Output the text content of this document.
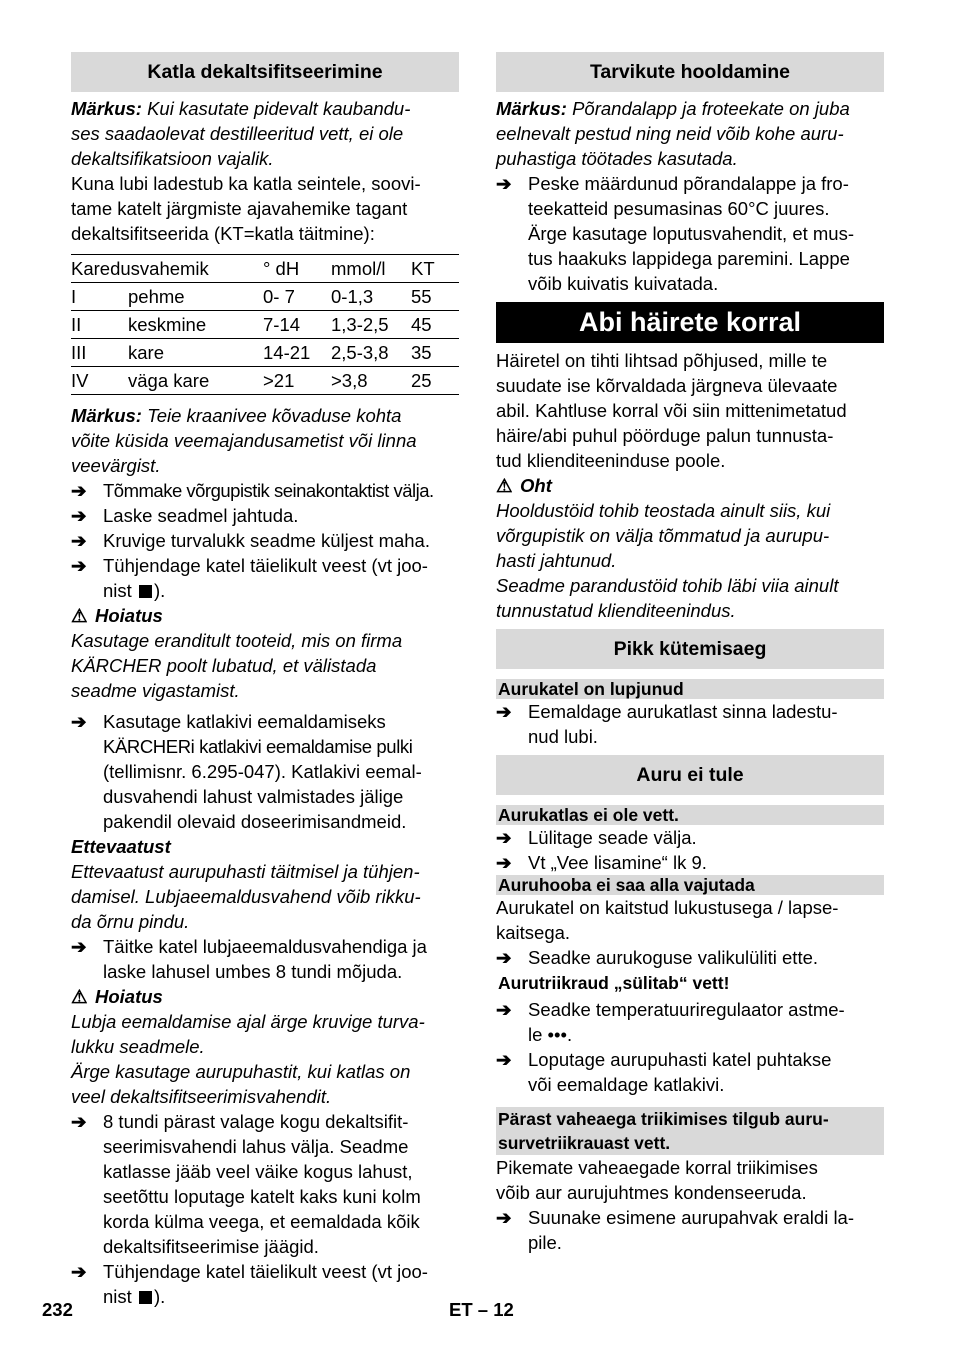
Katla dekaltsifitseerimine

Märkus: Kui kasutate pidevalt kaubandu-

ses saadaolevat destilleeritud vett, ei ole

dekaltsifikatsioon vajalik.

Kuna lubi ladestub ka katla seintele, soovi-

tame katelt järgmiste ajavahemike tagant

dekaltsifitseerida (KT=katla täitmine):

Karedusvahemik		° dH	mmol/l	KT
I	pehme	0- 7	0-1,3	55
II	keskmine	7-14	1,3-2,5	45
III	kare	14-21	2,5-3,8	35
IV	väga kare	>21	>3,8	25

Märkus: Teie kraanivee kõvaduse kohta

võite küsida veemajandusametist või linna

veevärgist.

➔ Tõmmake võrgupistik seinakontaktist välja.
➔ Laske seadmel jahtuda.
➔ Kruvige turvalukk seadme küljest maha.
➔ Tühjendage katel täielikult veest (vt joo-
nist ).
⚠ Hoiatus

Kasutage eranditult tooteid, mis on firma

KÄRCHER poolt lubatud, et välistada

seadme vigastamist.

➔ Kasutage katlakivi eemaldamiseks
KÄRCHERi katlakivi eemaldamise pulki
(tellimisnr. 6.295-047). Katlakivi eemal-
dusvahendi lahust valmistades jälige
pakendil olevaid doseerimisandmeid.
Ettevaatust

Ettevaatust aurupuhasti täitmisel ja tühjen-

damisel. Lubjaeemaldusvahend võib rikku-

da õrnu pindu.

➔ Täitke katel lubjaeemaldusvahendiga ja
laske lahusel umbes 8 tundi mõjuda.
⚠ Hoiatus

Lubja eemaldamise ajal ärge kruvige turva-

lukku seadmele.

Ärge kasutage aurupuhastit, kui katlas on

veel dekaltsifitseerimisvahendit.

➔ 8 tundi pärast valage kogu dekaltsifit-
seerimisvahendi lahus välja. Seadme
katlasse jääb veel väike kogus lahust,
seetõttu loputage katelt kaks kuni kolm
korda külma veega, et eemaldada kõik
dekaltsifitseerimise jäägid.
➔ Tühjendage katel täielikult veest (vt joo-
nist ).
Tarvikute hooldamine

Märkus: Põrandalapp ja froteekate on juba

eelnevalt pestud ning neid võib kohe auru-

puhastiga töötades kasutada.

➔ Peske määrdunud põrandalappe ja fro-
teekatteid pesumasinas 60°C juures.
Ärge kasutage loputusvahendit, et mus-
tus haakuks lappidega paremini. Lappe
võib kuivatis kuivatada.
Abi häirete korral

Häiretel on tihti lihtsad põhjused, mille te

suudate ise kõrvaldada järgneva ülevaate

abil. Kahtluse korral või siin mittenimetatud

häire/abi puhul pöörduge palun tunnusta-

tud klienditeeninduse poole.

⚠ Oht

Hooldustöid tohib teostada ainult siis, kui

võrgupistik on välja tõmmatud ja aurupu-

hasti jahtunud.

Seadme parandustöid tohib läbi viia ainult

tunnustatud klienditeenindus.

Pikk kütemisaeg
Aurukatel on lupjunud
➔ Eemaldage aurukatlast sinna ladestu-
nud lubi.
Auru ei tule
Aurukatlas ei ole vett.
➔ Lülitage seade välja.
➔ Vt „Vee lisamine“ lk 9.
Auruhooba ei saa alla vajutada

Aurukatel on kaitstud lukustusega / lapse-

kaitsega.

➔ Seadke aurukoguse valikulüliti ette.
Aurutriikraud „sülitab“ vett!
➔ Seadke temperatuuriregulaator astme-
le •••.
➔ Loputage aurupuhasti katel puhtakse
või eemaldage katlakivi.
Pärast vaheaega triikimises tilgub auru-
survetriikrauast vett.

Pikemate vaheaegade korral triikimises

võib aur aurujuhtmes kondenseeruda.

➔ Suunake esimene aurupahvak eraldi la-
pile.
232	ET – 12
